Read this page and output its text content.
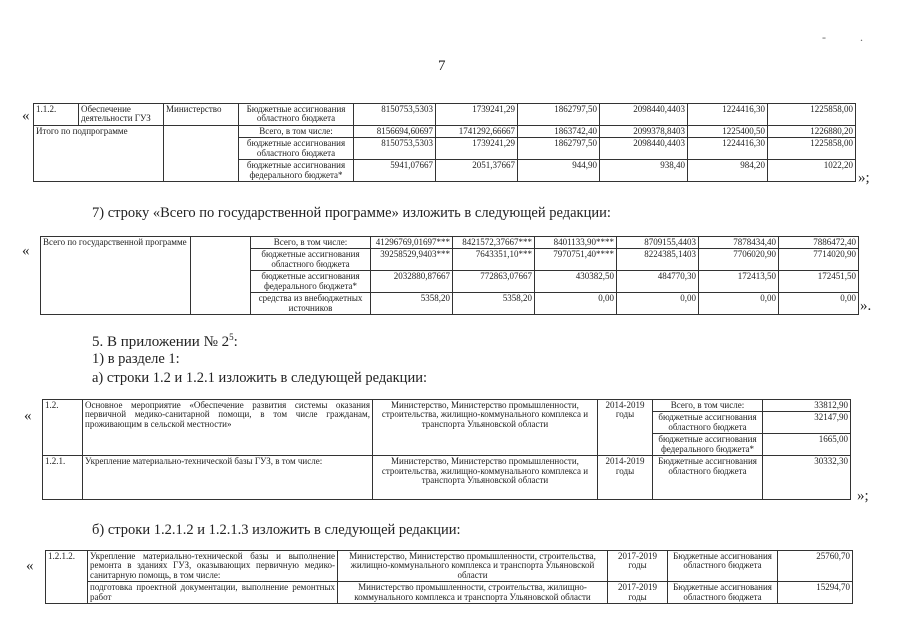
7
-	.
« 1.1.2.	Обеспечение деятельности ГУЗ	Министерство	Бюджетные ассигнования областного бюджета	8150753,5303	1739241,29	1862797,50	2098440,4403	1224416,30	1225858,00
Итого по подпрограмме			Всего, в том числе:	8156694,60697	1741292,66667	1863742,40	2099378,8403	1225400,50	1226880,20
			бюджетные ассигнования областного бюджета	8150753,5303	1739241,29	1862797,50	2098440,4403	1224416,30	1225858,00
			бюджетные ассигнования федерального бюджета*	5941,07667	2051,37667	944,90	938,40	984,20	1022,20
»;
7) строку «Всего по государственной программе» изложить в следующей редакции:
«
Всего по государственной программе		Всего, в том числе:	41296769,01697***	8421572,37667***	8401133,90****	8709155,4403	7878434,40	7886472,40
		бюджетные ассигнования областного бюджета	39258529,9403***	7643351,10***	7970751,40****	8224385,1403	7706020,90	7714020,90
		бюджетные ассигнования федерального бюджета*	2032880,87667	772863,07667	430382,50	484770,30	172413,50	172451,50
		средства из внебюджетных источников	5358,20	5358,20	0,00	0,00	0,00	0,00 ».
5. В приложении № $2^5$:
1) в разделе 1:
а) строки 1.2 и 1.2.1 изложить в следующей редакции:
«
1.2.	Основное мероприятие «Обеспечение развития системы оказания первичной медико-санитарной помощи, в том числе гражданам, проживающим в сельской местности»	Министерство, Министерство промышленности, строительства, жилищно-коммунального комплекса и транспорта Ульяновской области	2014-2019 годы	Всего, в том числе:	33812,90
				бюджетные ассигнования областного бюджета	32147,90
				бюджетные ассигнования федерального бюджета*	1665,00
1.2.1.	Укрепление материально-технической базы ГУЗ, в том числе:	Министерство, Министерство промышленности, строительства, жилищно-коммунального комплекса и транспорта Ульяновской области	2014-2019 годы	Бюджетные ассигнования областного бюджета	30332,30
»;
б) строки 1.2.1.2 и 1.2.1.3 изложить в следующей редакции:
«
1.2.1.2.	Укрепление материально-технической базы и выполнение ремонта в зданиях ГУЗ, оказывающих первичную медико-санитарную помощь, в том числе:	Министерство, Министерство промышленности, строительства, жилищно-коммунального комплекса и транспорта Ульяновской области	2017-2019 годы	Бюджетные ассигнования областного бюджета	25760,70
	подготовка проектной документации, выполнение ремонтных работ	Министерство промышленности, строительства, жилищно-коммунального комплекса и транспорта Ульяновской области	2017-2019 годы	Бюджетные ассигнования областного бюджета	15294,70
